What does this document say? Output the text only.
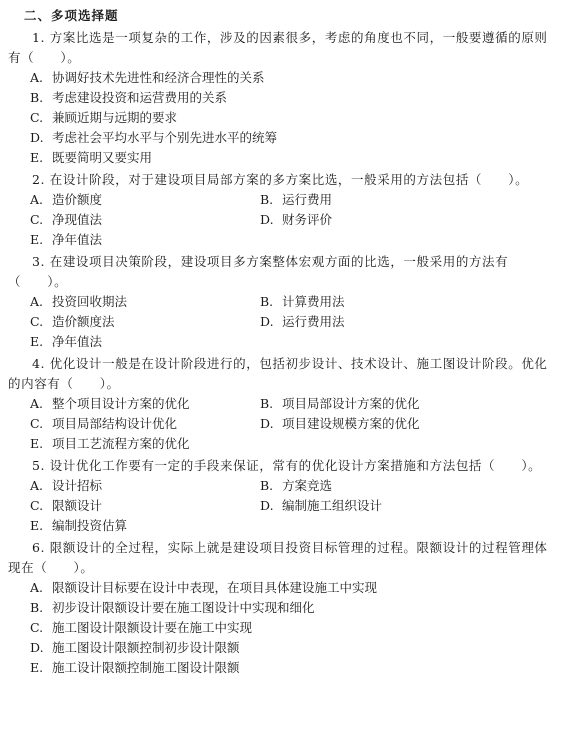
二、多项选择题
1. 方案比选是一项复杂的工作，涉及的因素很多，考虑的角度也不同，一般要遵循的原则有（　　）。
A. 协调好技术先进性和经济合理性的关系
B. 考虑建设投资和运营费用的关系
C. 兼顾近期与远期的要求
D. 考虑社会平均水平与个别先进水平的统筹
E. 既要简明又要实用
2. 在设计阶段，对于建设项目局部方案的多方案比选，一般采用的方法包括（　　）。
A. 造价额度	B. 运行费用
C. 净现值法	D. 财务评价
E. 净年值法
3. 在建设项目决策阶段，建设项目多方案整体宏观方面的比选，一般采用的方法有（　　）。
A. 投资回收期法	B. 计算费用法
C. 造价额度法	D. 运行费用法
E. 净年值法
4. 优化设计一般是在设计阶段进行的，包括初步设计、技术设计、施工图设计阶段。优化的内容有（　　）。
A. 整个项目设计方案的优化	B. 项目局部设计方案的优化
C. 项目局部结构设计优化	D. 项目建设规模方案的优化
E. 项目工艺流程方案的优化
5. 设计优化工作要有一定的手段来保证，常有的优化设计方案措施和方法包括（　　）。
A. 设计招标	B. 方案竞选
C. 限额设计	D. 编制施工组织设计
E. 编制投资估算
6. 限额设计的全过程，实际上就是建设项目投资目标管理的过程。限额设计的过程管理体现在（　　）。
A. 限额设计目标要在设计中表现，在项目具体建设施工中实现
B. 初步设计限额设计要在施工图设计中实现和细化
C. 施工图设计限额设计要在施工中实现
D. 施工图设计限额控制初步设计限额
E. 施工设计限额控制施工图设计限额
